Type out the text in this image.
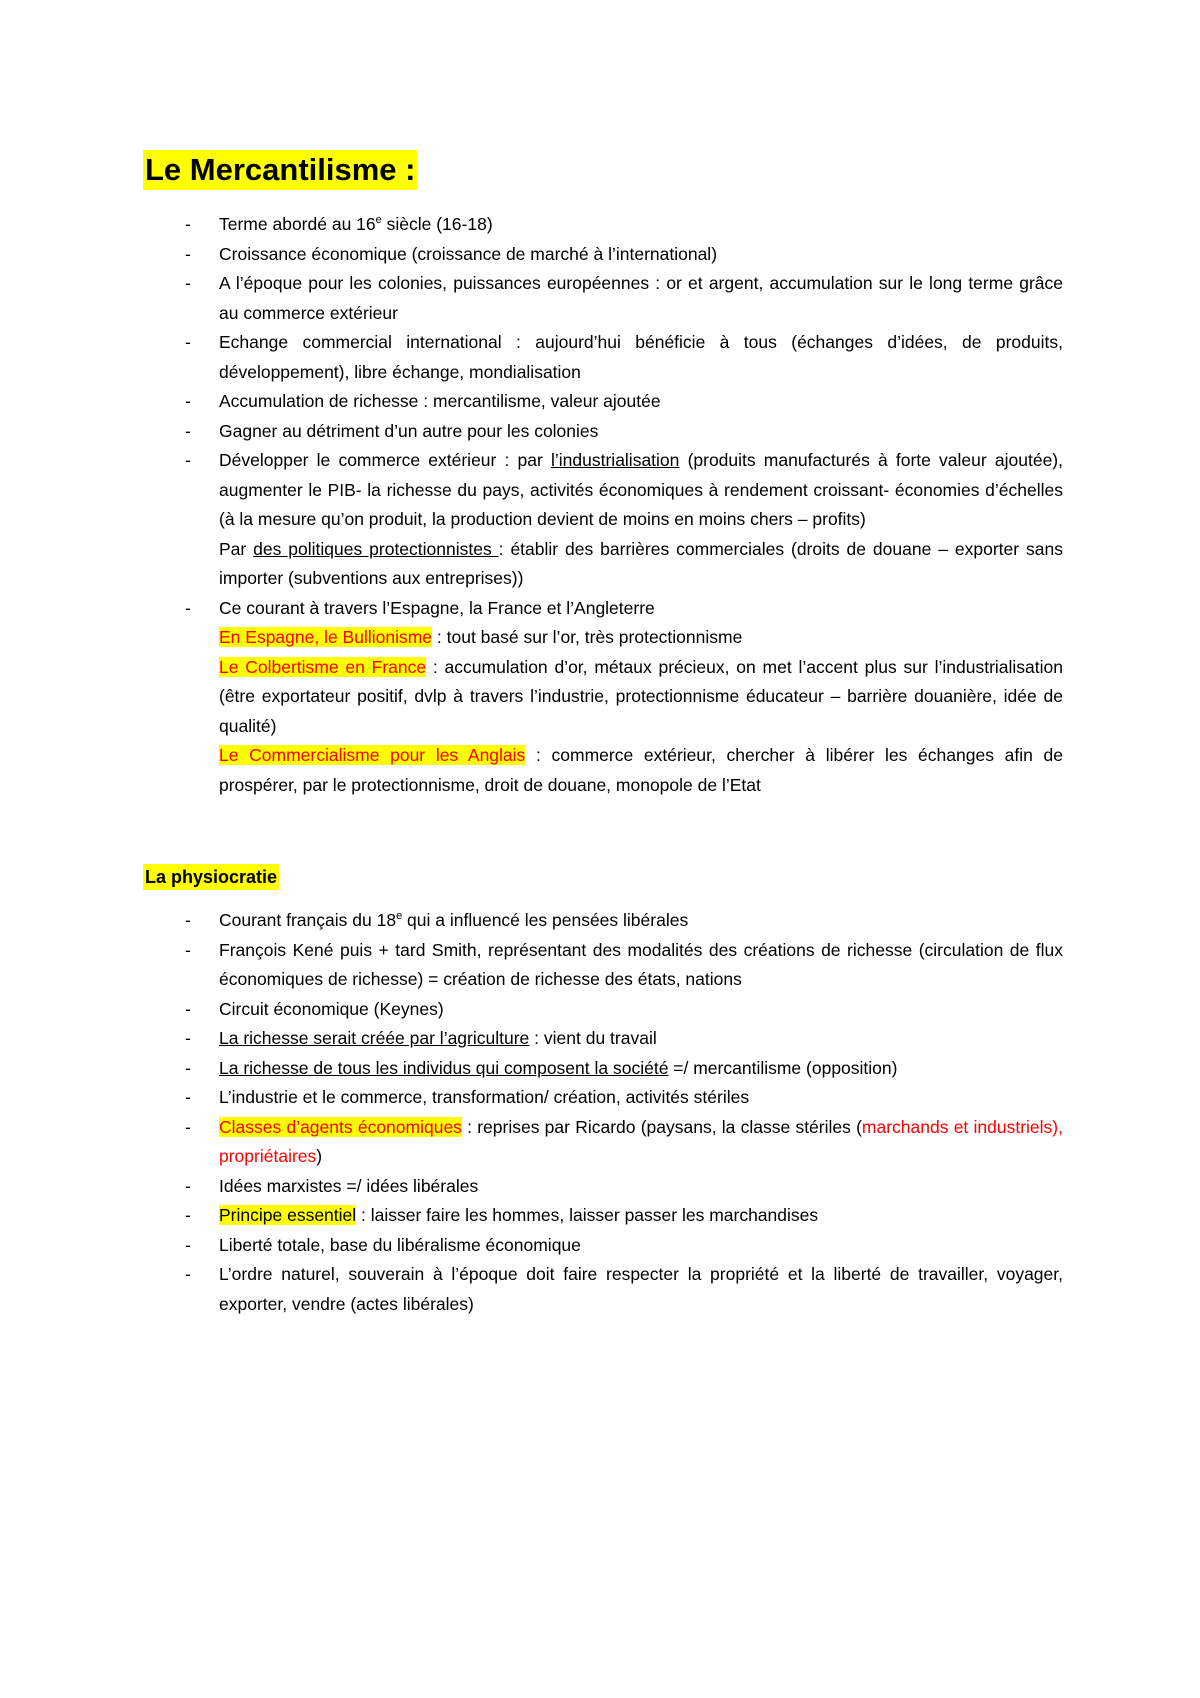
Le Mercantilisme :
- Terme abordé au 16e siècle (16-18)
- Croissance économique (croissance de marché à l’international)
- A l’époque pour les colonies, puissances européennes : or et argent, accumulation sur le long terme grâce au commerce extérieur
- Echange commercial international : aujourd’hui bénéficie à tous (échanges d’idées, de produits, développement), libre échange, mondialisation
- Accumulation de richesse : mercantilisme, valeur ajoutée
- Gagner au détriment d’un autre pour les colonies

- Développer le commerce extérieur : par l’industrialisation (produits manufacturés à forte valeur ajoutée), augmenter le PIB- la richesse du pays, activités économiques à rendement croissant- économies d’échelles (à la mesure qu’on produit, la production devient de moins en moins chers – profits)

Par des politiques protectionnistes : établir des barrières commerciales (droits de douane – exporter sans importer (subventions aux entreprises))

- Ce courant à travers l’Espagne, la France et l’Angleterre

En Espagne, le Bullionisme : tout basé sur l’or, très protectionnisme

Le Colbertisme en France : accumulation d’or, métaux précieux, on met l’accent plus sur l’industrialisation (être exportateur positif, dvlp à travers l’industrie, protectionnisme éducateur – barrière douanière, idée de qualité)

Le Commercialisme pour les Anglais : commerce extérieur, chercher à libérer les échanges afin de prospérer, par le protectionnisme, droit de douane, monopole de l’Etat

La physiocratie
- Courant français du 18e qui a influencé les pensées libérales
- François Kené puis + tard Smith, représentant des modalités des créations de richesse (circulation de flux économiques de richesse) = création de richesse des états, nations
- Circuit économique (Keynes)
- La richesse serait créée par l’agriculture : vient du travail
- La richesse de tous les individus qui composent la société =/ mercantilisme (opposition)
- L’industrie et le commerce, transformation/ création, activités stériles
- Classes d’agents économiques : reprises par Ricardo (paysans, la classe stériles (marchands et industriels), propriétaires)
- Idées marxistes =/ idées libérales
- Principe essentiel : laisser faire les hommes, laisser passer les marchandises
- Liberté totale, base du libéralisme économique
- L’ordre naturel, souverain à l’époque doit faire respecter la propriété et la liberté de travailler, voyager, exporter, vendre (actes libérales)
